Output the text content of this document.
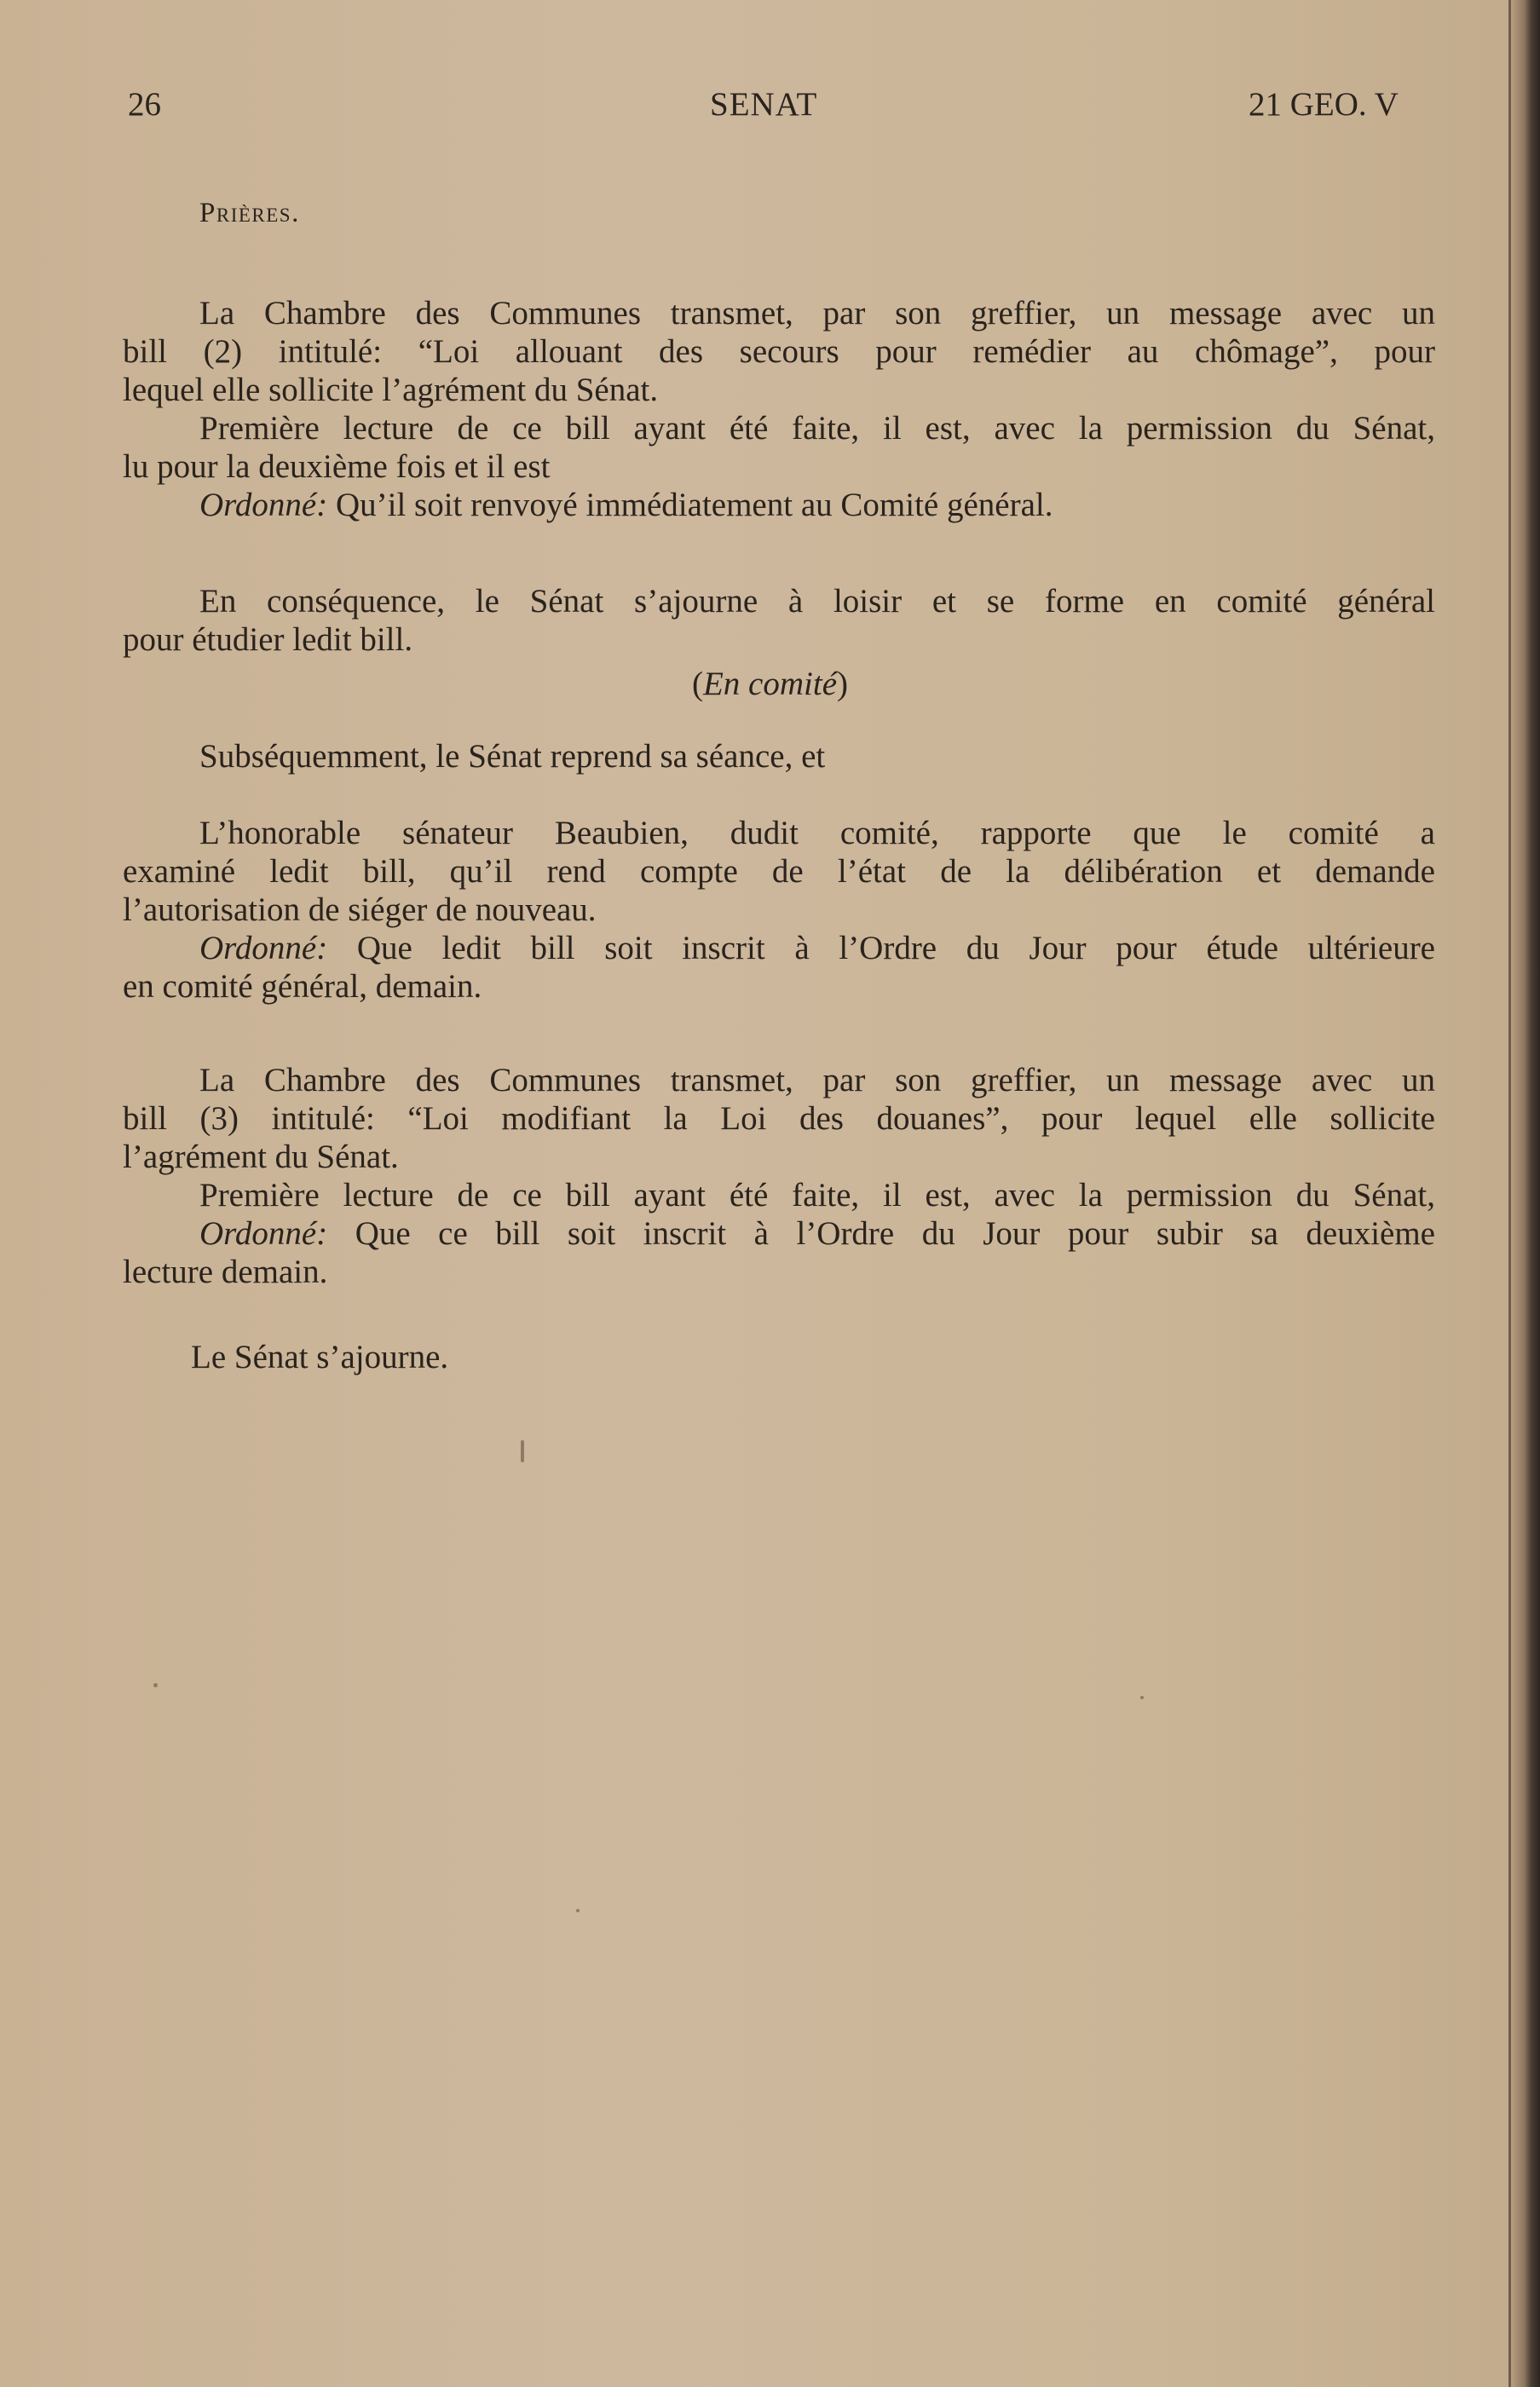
26	SENAT	21 GEO. V
Prières.

La Chambre des Communes transmet, par son greffier, un message avec un
bill (2) intitulé: “Loi allouant des secours pour remédier au chômage”, pour
lequel elle sollicite l’agrément du Sénat.

Première lecture de ce bill ayant été faite, il est, avec la permission du Sénat,
lu pour la deuxième fois et il est

Ordonné: Qu’il soit renvoyé immédiatement au Comité général.

En conséquence, le Sénat s’ajourne à loisir et se forme en comité général
pour étudier ledit bill.

(En comité)

Subséquemment, le Sénat reprend sa séance, et

L’honorable sénateur Beaubien, dudit comité, rapporte que le comité a
examiné ledit bill, qu’il rend compte de l’état de la délibération et demande
l’autorisation de siéger de nouveau.

Ordonné: Que ledit bill soit inscrit à l’Ordre du Jour pour étude ultérieure
en comité général, demain.

La Chambre des Communes transmet, par son greffier, un message avec un
bill (3) intitulé: “Loi modifiant la Loi des douanes”, pour lequel elle sollicite
l’agrément du Sénat.

Première lecture de ce bill ayant été faite, il est, avec la permission du Sénat,

Ordonné: Que ce bill soit inscrit à l’Ordre du Jour pour subir sa deuxième
lecture demain.

Le Sénat s’ajourne.
